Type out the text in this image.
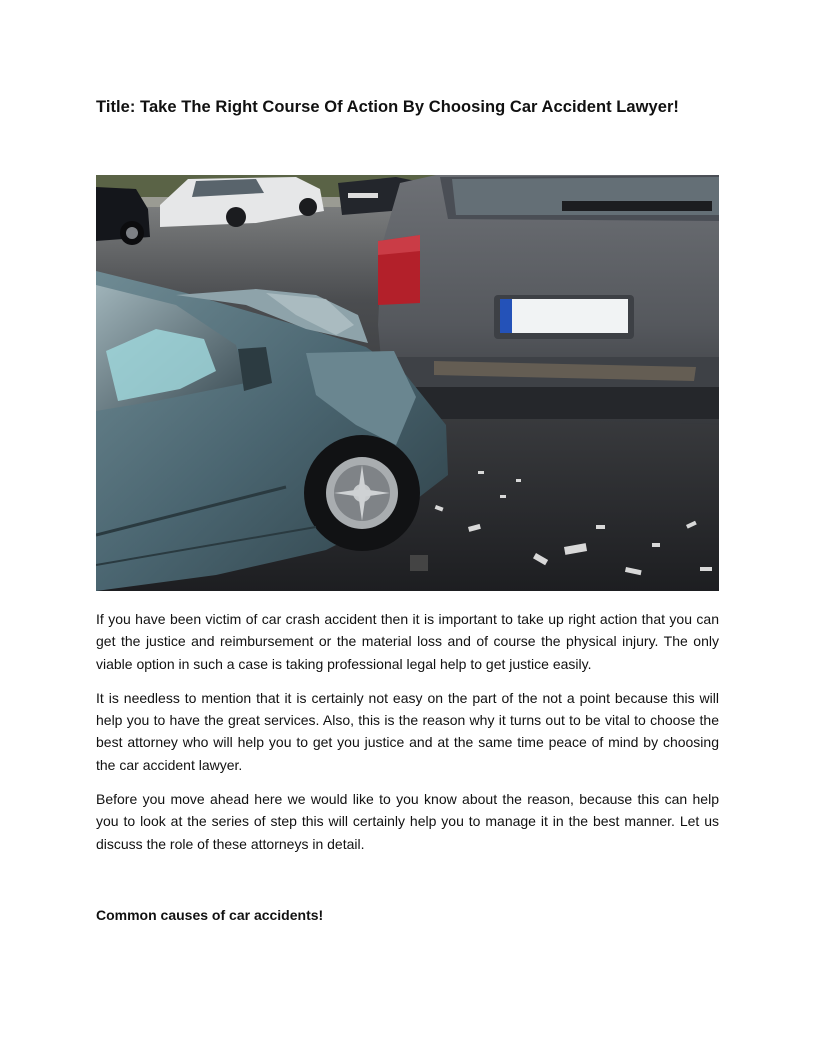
Title: Take The Right Course Of Action By Choosing Car Accident Lawyer!

If you have been victim of car crash accident then it is important to take up right action that you can get the justice and reimbursement or the material loss and of course the physical injury. The only viable option in such a case is taking professional legal help to get justice easily.

It is needless to mention that it is certainly not easy on the part of the not a point because this will help you to have the great services. Also, this is the reason why it turns out to be vital to choose the best attorney who will help you to get you justice and at the same time peace of mind by choosing the car accident lawyer.

Before you move ahead here we would like to you know about the reason, because this can help you to look at the series of step this will certainly help you to manage it in the best manner. Let us discuss the role of these attorneys in detail.

Common causes of car accidents!
